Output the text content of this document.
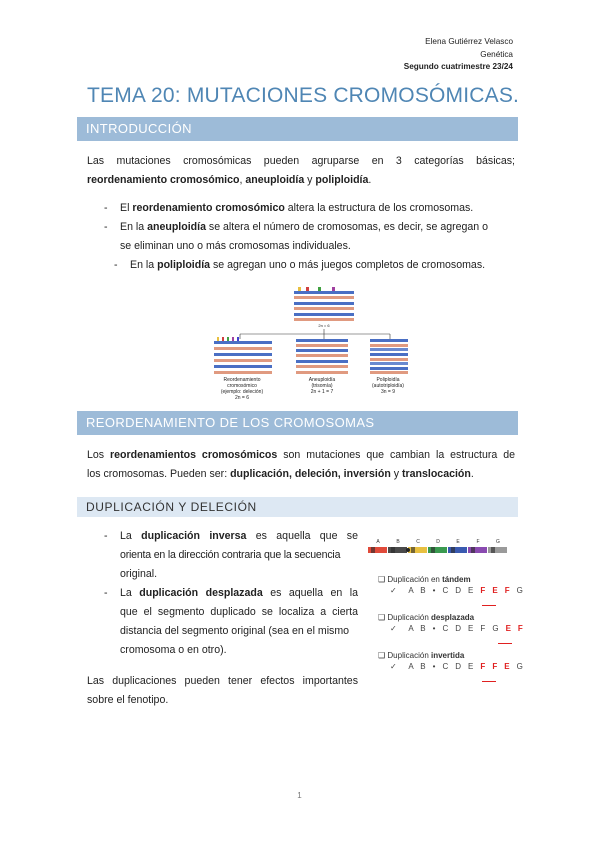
Elena Gutiérrez Velasco
Genética
Segundo cuatrimestre 23/24
TEMA 20: MUTACIONES CROMOSÓMICAS.
INTRODUCCIÓN

Las mutaciones cromosómicas pueden agruparse en 3 categorías básicas;

reordenamiento cromosómico, aneuploidía y poliploidía.

-	El reordenamiento cromosómico altera la estructura de los cromosomas.
-	En la aneuploidía se altera el número de cromosomas, es decir, se agregan o
se eliminan uno o más cromosomas individuales.
-	En la poliploidía se agregan uno o más juegos completos de cromosomas.
2n = 6
Reordenamiento cromosómico
(ejemplo: deleción)
2n = 6
Aneuploidía
(trisomía)
2n + 1 = 7
Poliploidía
(autotriploidía)
3n = 9
REORDENAMIENTO DE LOS CROMOSOMAS

Los reordenamientos cromosómicos son mutaciones que cambian la estructura de

los cromosomas. Pueden ser: duplicación, deleción, inversión y translocación.

DUPLICACIÓN Y DELECIÓN
- La duplicación inversa es aquella que se
orienta en la dirección contraria que la secuencia
original.
- La duplicación desplazada es aquella en la
que el segmento duplicado se localiza a cierta
distancia del segmento original (sea en el mismo
cromosoma o en otro).

Las duplicaciones pueden tener efectos importantes

sobre el fenotipo.

A	B	C	D	E	F	G
❑ Duplicación en tándem
✓ A B • C D E F E F G
❑ Duplicación desplazada
✓ A B • C D E F G E F
❑ Duplicación invertida
✓ A B • C D E F F E G
1
